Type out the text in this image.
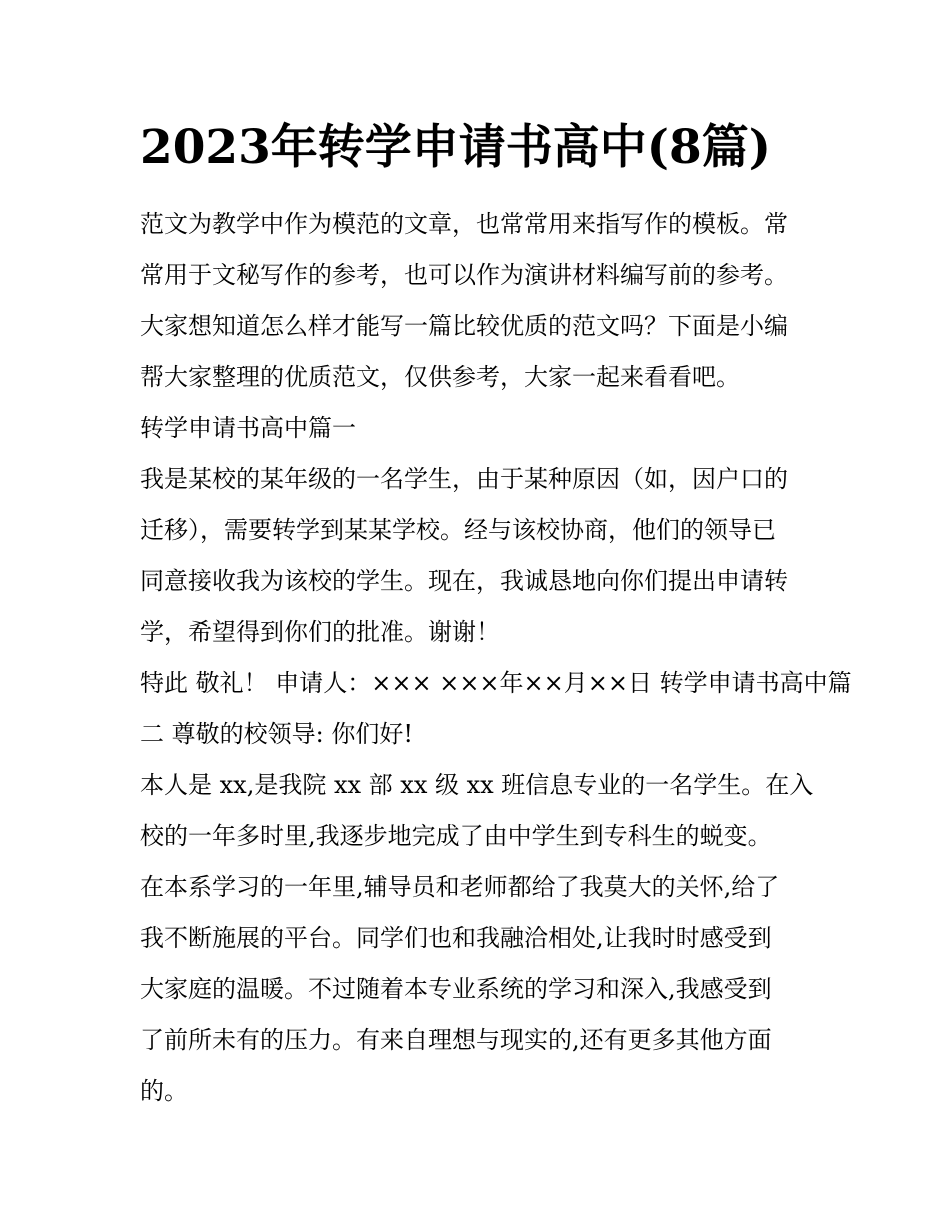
2023年转学申请书高中(8篇)
范文为教学中作为模范的文章，也常常用来指写作的模板。常
常用于文秘写作的参考，也可以作为演讲材料编写前的参考。
大家想知道怎么样才能写一篇比较优质的范文吗？下面是小编
帮大家整理的优质范文，仅供参考，大家一起来看看吧。
转学申请书高中篇一
我是某校的某年级的一名学生，由于某种原因（如，因户口的
迁移），需要转学到某某学校。经与该校协商，他们的领导已
同意接收我为该校的学生。现在，我诚恳地向你们提出申请转
学，希望得到你们的批准。谢谢！
特此 敬礼！ 申请人：××× ×××年××月××日 转学申请书高中篇
二 尊敬的校领导: 你们好!
本人是 xx,是我院 xx 部 xx 级 xx 班信息专业的一名学生。在入
校的一年多时里,我逐步地完成了由中学生到专科生的蜕变。
在本系学习的一年里,辅导员和老师都给了我莫大的关怀,给了
我不断施展的平台。同学们也和我融洽相处,让我时时感受到
大家庭的温暖。不过随着本专业系统的学习和深入,我感受到
了前所未有的压力。有来自理想与现实的,还有更多其他方面
的。
